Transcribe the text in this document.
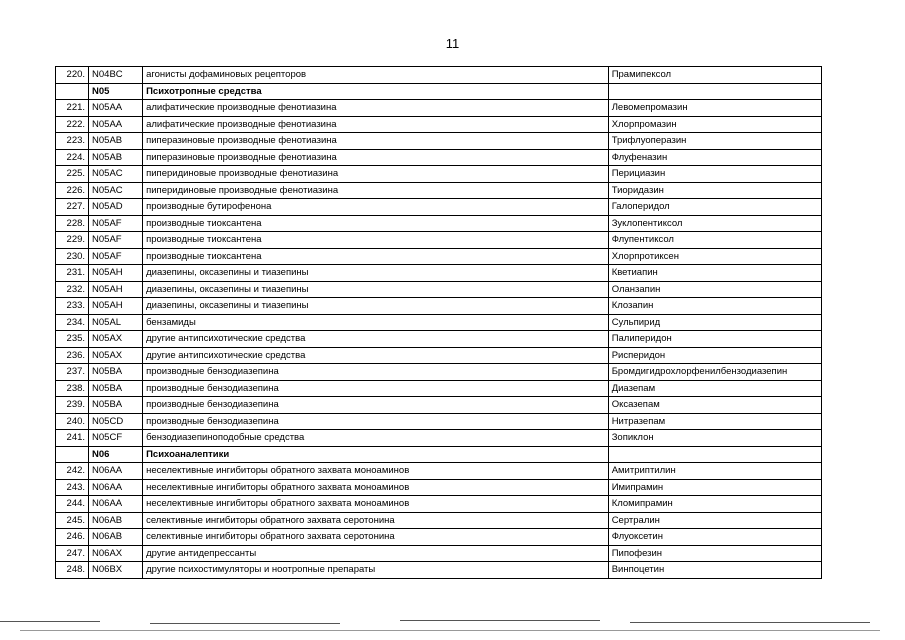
11
220.	N04BC	агонисты дофаминовых рецепторов	Прамипексол
	N05	Психотропные средства	
221.	N05AA	алифатические производные фенотиазина	Левомепромазин
222.	N05AA	алифатические производные фенотиазина	Хлорпромазин
223.	N05AB	пиперазиновые производные фенотиазина	Трифлуоперазин
224.	N05AB	пиперазиновые производные фенотиазина	Флуфеназин
225.	N05AC	пиперидиновые производные фенотиазина	Перициазин
226.	N05AC	пиперидиновые производные фенотиазина	Тиоридазин
227.	N05AD	производные бутирофенона	Галоперидол
228.	N05AF	производные тиоксантена	Зуклопентиксол
229.	N05AF	производные тиоксантена	Флупентиксол
230.	N05AF	производные тиоксантена	Хлорпротиксен
231.	N05AH	диазепины, оксазепины и тиазепины	Кветиапин
232.	N05AH	диазепины, оксазепины и тиазепины	Оланзапин
233.	N05AH	диазепины, оксазепины и тиазепины	Клозапин
234.	N05AL	бензамиды	Сульпирид
235.	N05AX	другие антипсихотические средства	Палиперидон
236.	N05AX	другие антипсихотические средства	Рисперидон
237.	N05BA	производные бензодиазепина	Бромдигидрохлорфенилбензодиазепин
238.	N05BA	производные бензодиазепина	Диазепам
239.	N05BA	производные бензодиазепина	Оксазепам
240.	N05CD	производные бензодиазепина	Нитразепам
241.	N05CF	бензодиазепиноподобные средства	Зопиклон
	N06	Психоаналептики	
242.	N06AA	неселективные ингибиторы обратного захвата моноаминов	Амитриптилин
243.	N06AA	неселективные ингибиторы обратного захвата моноаминов	Имипрамин
244.	N06AA	неселективные ингибиторы обратного захвата моноаминов	Кломипрамин
245.	N06AB	селективные ингибиторы обратного захвата серотонина	Сертралин
246.	N06AB	селективные ингибиторы обратного захвата серотонина	Флуоксетин
247.	N06AX	другие антидепрессанты	Пипофезин
248.	N06BX	другие психостимуляторы и ноотропные препараты	Винпоцетин
